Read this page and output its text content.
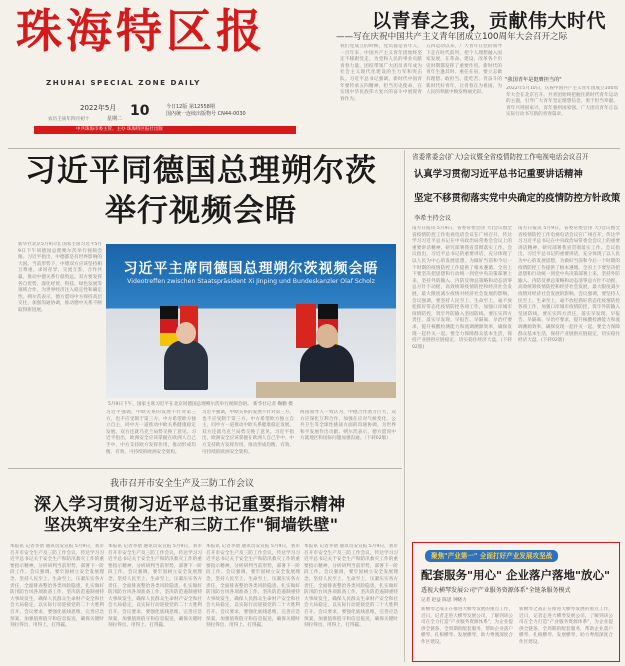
珠海特区报
ZHUHAI SPECIAL ZONE DAILY
2022年5月 10
星期二
农历壬寅年四月初十
今日12版 第12558期
国内统一连续出版物号 CN44-0030
中共珠海市委主管、主办 珠海特区报社出版
以青春之我，贡献伟大时代
——写在庆祝中国共产主义青年团成立100周年大会召开之际
我们党成立的时候，党员都是青年人。一百年来，中国共产主义青年团始终坚定不移跟党走，为党和人民的事业贡献青春力量，团结带领广大团员青年成为社会主义现代化建设的生力军和突击队。习近平总书记强调，新时代中国青年要传承五四精神，担当历史使命，在实现中华民族伟大复兴的奋斗中展现青春作为。
五四运动以来，广大青年在党的领导下走在时代前列，把个人理想融入国家发展，在革命、建设、改革各个历史时期都发挥了重要作用。新时代的青年生逢其时、重任在肩，要立志做有理想、敢担当、能吃苦、肯奋斗的新时代好青年，让青春在为祖国、为人民的奉献中焕发绚丽光彩。
2022年5月10日，庆祝中国共产主义青年团成立100周年大会在北京召开。共青团始终把握住新时代青年运动的主题，引导广大青年坚定理想信念，勇于担当奉献。青年兴则国家兴，青年强则国家强。广大团员青年正以实际行动书写新的青春篇章。
"我国青年是挺膺担当的"
习近平同德国总理朔尔茨
举行视频会晤
新华社北京5月9日电 国家主席习近平5月9日下午同德国总理朔尔茨举行视频会晤。习近平指出，中德都是有世界影响的大国。当前形势下，中德双方应该坚持相互尊重、求同存异、交流互鉴、合作共赢，推动中德关系行稳致远。双方要发挥各自优势，深化经贸、科技、绿色发展等领域合作，为世界经济注入稳定性和确定性。朔尔茨表示，德方愿同中方保持高层交往，加强沟通协调，推动德中关系不断取得新进展。
习近平主席同德国总理朔尔茨视频会晤
Videotreffen zwischen Staatspräsident Xi Jinping und Bundeskanzler Olaf Scholz
5月9日下午，国家主席习近平在北京同德国总理朔尔茨举行视频会晤。 新华社记者 鞠鹏 摄
习近平强调，中欧关系的发展不针对第三方，也不应受制于第三方。中方希望欧方独立自主，同中方一道推动中欧关系健康稳定发展。双方还就乌克兰局势交换了意见。习近平指出，欧洲安全应该掌握在欧洲人自己手中，中方支持欧方发挥作用，推动形成均衡、有效、可持续的欧洲安全架构。
习近平强调，中欧关系的发展不针对第三方，也不应受制于第三方。中方希望欧方独立自主，同中方一道推动中欧关系健康稳定发展。双方还就乌克兰局势交换了意见。习近平指出，欧洲安全应该掌握在欧洲人自己手中，中方支持欧方发挥作用，推动形成均衡、有效、可持续的欧洲安全架构。
两国领导人一致认为，中德合作潜力巨大，双方应深化互利合作，加强在应对气候变化、公共卫生等全球性挑战方面的沟通协调，为世界和平发展作出贡献。朔尔茨表示，德方愿同中方就地区和国际问题加强沟通。（下转02版）
我市召开市安全生产及三防工作会议
深入学习贯彻习近平总书记重要指示精神
坚决筑牢安全生产和三防工作"铜墙铁壁"
本报讯 记者李倩 通讯员安宣报 5月9日，我市召开市安全生产及三防工作会议，传达学习习近平总书记关于安全生产和防汛救灾工作的重要指示精神，分析研判当前形势，部署下一阶段工作。会议强调，要牢固树立安全发展理念，坚持人民至上、生命至上，压紧压实各方责任，全面排查整治各类风险隐患，扎实做好防汛防台风各项准备工作，坚决防范遏制重特大事故发生，确保人民群众生命财产安全和社会大局稳定，以实际行动迎接党的二十大胜利召开。会议要求，要强化底线思维，完善应急预案，加强值班值守和信息报送，确保关键时刻拉得出、用得上、打得赢。
本报讯 记者李倩 通讯员安宣报 5月9日，我市召开市安全生产及三防工作会议，传达学习习近平总书记关于安全生产和防汛救灾工作的重要指示精神，分析研判当前形势，部署下一阶段工作。会议强调，要牢固树立安全发展理念，坚持人民至上、生命至上，压紧压实各方责任，全面排查整治各类风险隐患，扎实做好防汛防台风各项准备工作，坚决防范遏制重特大事故发生，确保人民群众生命财产安全和社会大局稳定，以实际行动迎接党的二十大胜利召开。会议要求，要强化底线思维，完善应急预案，加强值班值守和信息报送，确保关键时刻拉得出、用得上、打得赢。
本报讯 记者李倩 通讯员安宣报 5月9日，我市召开市安全生产及三防工作会议，传达学习习近平总书记关于安全生产和防汛救灾工作的重要指示精神，分析研判当前形势，部署下一阶段工作。会议强调，要牢固树立安全发展理念，坚持人民至上、生命至上，压紧压实各方责任，全面排查整治各类风险隐患，扎实做好防汛防台风各项准备工作，坚决防范遏制重特大事故发生，确保人民群众生命财产安全和社会大局稳定，以实际行动迎接党的二十大胜利召开。会议要求，要强化底线思维，完善应急预案，加强值班值守和信息报送，确保关键时刻拉得出、用得上、打得赢。
本报讯 记者李倩 通讯员安宣报 5月9日，我市召开市安全生产及三防工作会议，传达学习习近平总书记关于安全生产和防汛救灾工作的重要指示精神，分析研判当前形势，部署下一阶段工作。会议强调，要牢固树立安全发展理念，坚持人民至上、生命至上，压紧压实各方责任，全面排查整治各类风险隐患，扎实做好防汛防台风各项准备工作，坚决防范遏制重特大事故发生，确保人民群众生命财产安全和社会大局稳定，以实际行动迎接党的二十大胜利召开。会议要求，要强化底线思维，完善应急预案，加强值班值守和信息报送，确保关键时刻拉得出、用得上、打得赢。
省委常委会(扩大)会议暨全省疫情防控工作电视电话会议召开
认真学习贯彻习近平总书记重要讲话精神
坚定不移贯彻落实党中央确定的疫情防控方针政策
李希主持会议
南方日报讯 5月9日，省委常委会(扩大)会议暨全省疫情防控工作电视电话会议在广州召开，传达学习习近平总书记在中央政治局常委会会议上的重要讲话精神，研究部署我省贯彻落实工作。会议指出，习近平总书记的重要讲话，充分体现了以人民为中心的发展思想，为做好当前和今后一个时期的疫情防控工作提供了根本遵循。全省上下要坚决把思想和行动统一到党中央决策部署上来，坚持外防输入、内防反弹总策略和动态清零总方针不动摇，高效统筹疫情防控和经济社会发展，最大限度减少疫情对经济社会发展的影响。会议强调，要坚持人民至上、生命至上，毫不放松抓好常态化疫情防控各项工作，加强口岸城市疫情防控，筑牢外防输入坚固防线。要压实四方责任，落实早发现、早报告、早隔离、早治疗要求，提升核酸检测能力和流调溯源效率，确保发现一起扑灭一起。要全力保障群众基本生活，保持产业链供应链稳定，切实稳住经济大盘。(下转02版)
南方日报讯 5月9日，省委常委会(扩大)会议暨全省疫情防控工作电视电话会议在广州召开，传达学习习近平总书记在中央政治局常委会会议上的重要讲话精神，研究部署我省贯彻落实工作。会议指出，习近平总书记的重要讲话，充分体现了以人民为中心的发展思想，为做好当前和今后一个时期的疫情防控工作提供了根本遵循。全省上下要坚决把思想和行动统一到党中央决策部署上来，坚持外防输入、内防反弹总策略和动态清零总方针不动摇，高效统筹疫情防控和经济社会发展，最大限度减少疫情对经济社会发展的影响。会议强调，要坚持人民至上、生命至上，毫不放松抓好常态化疫情防控各项工作，加强口岸城市疫情防控，筑牢外防输入坚固防线。要压实四方责任，落实早发现、早报告、早隔离、早治疗要求，提升核酸检测能力和流调溯源效率，确保发现一起扑灭一起。要全力保障群众基本生活，保持产业链供应链稳定，切实稳住经济大盘。(下转02版)
聚焦"产业第一" 全面打好产业发展攻坚战
配套服务"用心" 企业落户落地"放心"
透视大横琴发展公司"产业服务资源体系"全链条服务模式
记者 赵益 陈思 钟晓力
新横琴之战正在推进大横琴发展的重点工作，近日，记者走进大横琴发展公司，了解到该公司在全力打造"产业服务资源体系"，为企业提供全链条、全周期的配套服务，帮助企业落户横琴、扎根横琴、发展横琴，助力粤澳深度合作区建设。
新横琴之战正在推进大横琴发展的重点工作，近日，记者走进大横琴发展公司，了解到该公司在全力打造"产业服务资源体系"，为企业提供全链条、全周期的配套服务，帮助企业落户横琴、扎根横琴、发展横琴，助力粤澳深度合作区建设。
